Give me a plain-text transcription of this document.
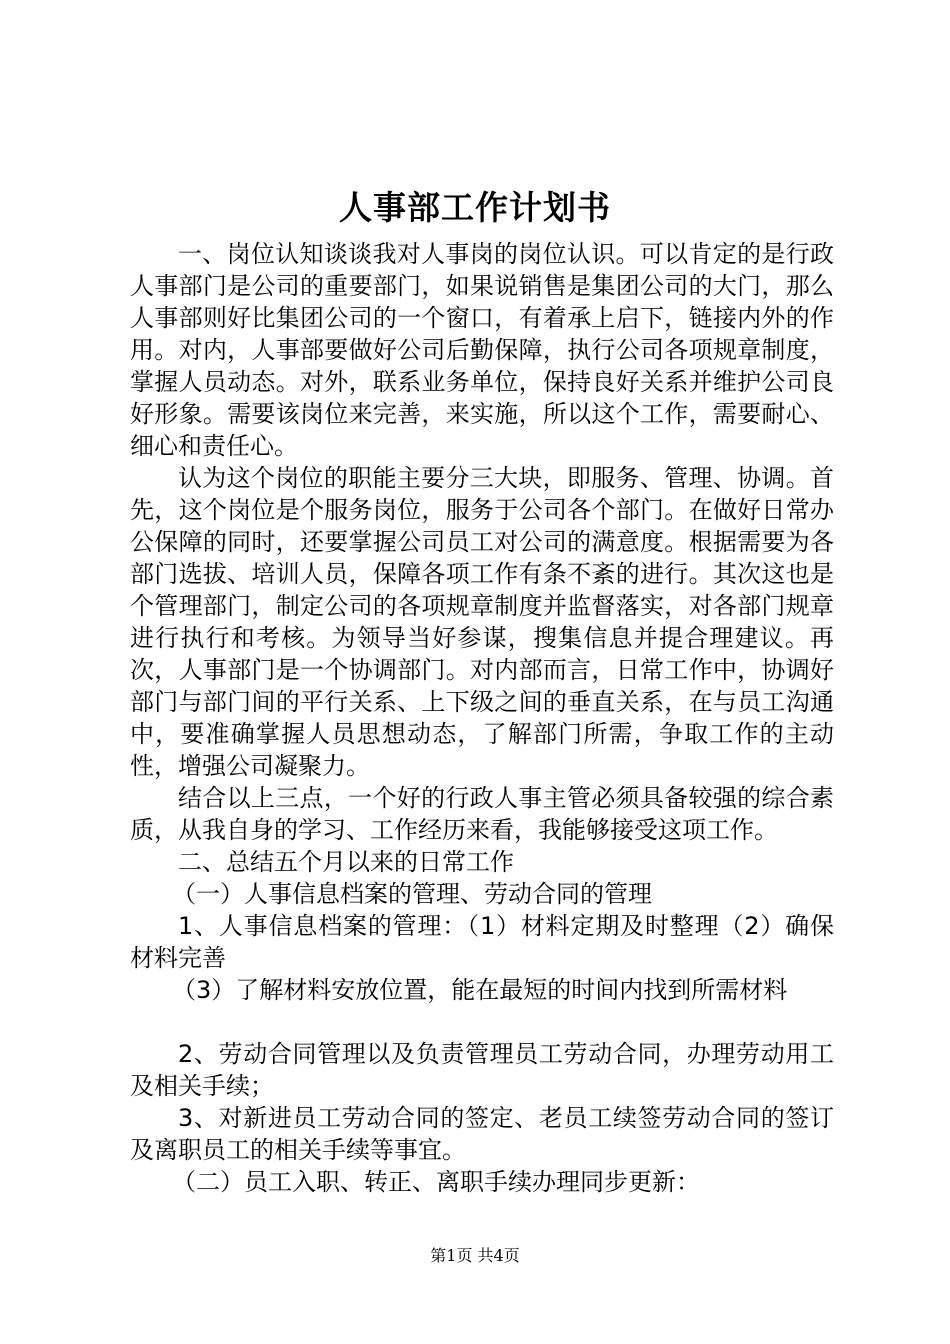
人事部工作计划书

一、岗位认知谈谈我对人事岗的岗位认识。可以肯定的是行政人事部门是公司的重要部门，如果说销售是集团公司的大门，那么人事部则好比集团公司的一个窗口，有着承上启下，链接内外的作用。对内，人事部要做好公司后勤保障，执行公司各项规章制度，掌握人员动态。对外，联系业务单位，保持良好关系并维护公司良好形象。需要该岗位来完善，来实施，所以这个工作，需要耐心、细心和责任心。

认为这个岗位的职能主要分三大块，即服务、管理、协调。首先，这个岗位是个服务岗位，服务于公司各个部门。在做好日常办公保障的同时，还要掌握公司员工对公司的满意度。根据需要为各部门选拔、培训人员，保障各项工作有条不紊的进行。其次这也是个管理部门，制定公司的各项规章制度并监督落实，对各部门规章进行执行和考核。为领导当好参谋，搜集信息并提合理建议。再次，人事部门是一个协调部门。对内部而言，日常工作中，协调好部门与部门间的平行关系、上下级之间的垂直关系，在与员工沟通中，要准确掌握人员思想动态，了解部门所需，争取工作的主动性，增强公司凝聚力。

结合以上三点，一个好的行政人事主管必须具备较强的综合素质，从我自身的学习、工作经历来看，我能够接受这项工作。

二、总结五个月以来的日常工作

（一）人事信息档案的管理、劳动合同的管理

1、人事信息档案的管理：（1）材料定期及时整理（2）确保材料完善

（3）了解材料安放位置，能在最短的时间内找到所需材料

2、劳动合同管理以及负责管理员工劳动合同，办理劳动用工及相关手续；

3、对新进员工劳动合同的签定、老员工续签劳动合同的签订及离职员工的相关手续等事宜。

（二）员工入职、转正、离职手续办理同步更新：

第1页 共4页
